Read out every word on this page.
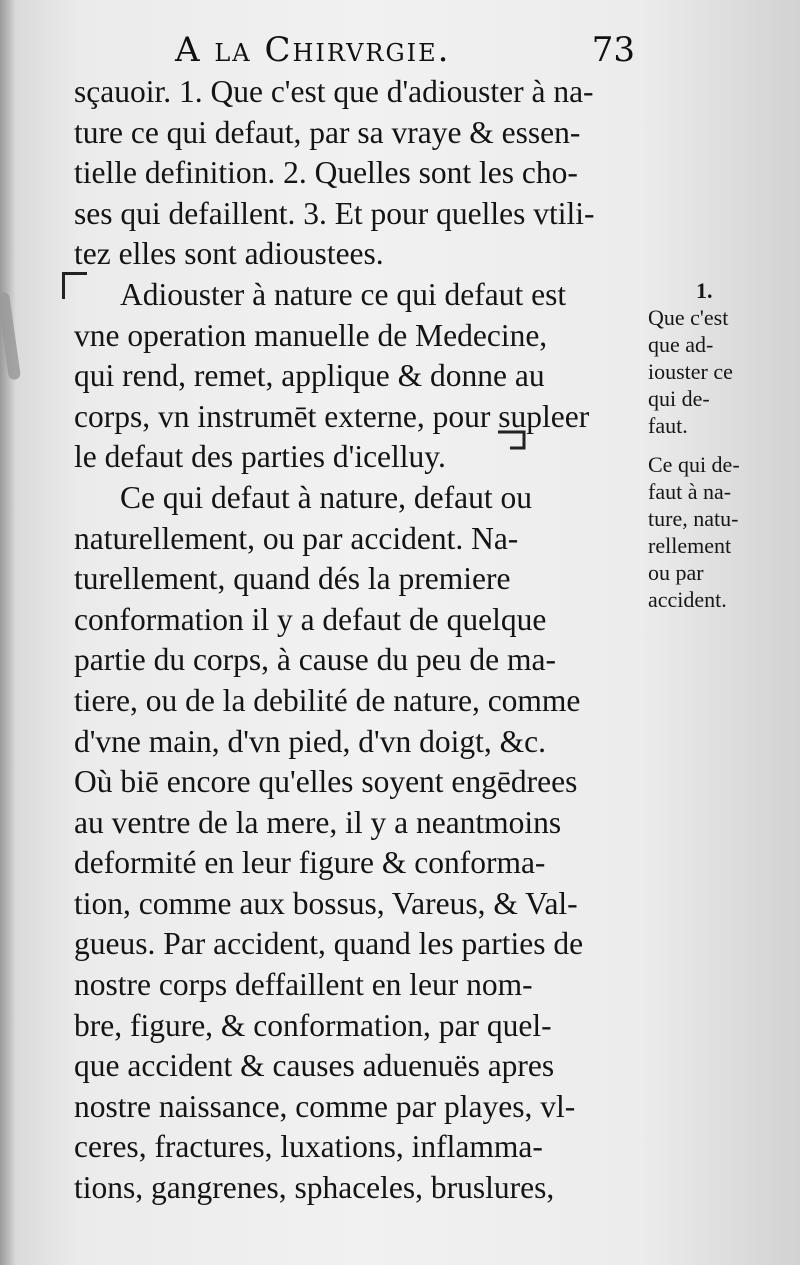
A la Chirvrgie.	73
sçauoir. 1. Que c'est que d'adiouster à na-
ture ce qui defaut, par sa vraye & essen-
tielle definition. 2. Quelles sont les cho-
ses qui defaillent. 3. Et pour quelles vtili-
tez elles sont adioustees.
Adiouster à nature ce qui defaut est
vne operation manuelle de Medecine,
qui rend, remet, applique & donne au
corps, vn instrumēt externe, pour supleer
le defaut des parties d'icelluy.
Ce qui defaut à nature, defaut ou
naturellement, ou par accident. Na-
turellement, quand dés la premiere
conformation il y a defaut de quelque
partie du corps, à cause du peu de ma-
tiere, ou de la debilité de nature, comme
d'vne main, d'vn pied, d'vn doigt, &c.
Où biē encore qu'elles soyent engēdrees
au ventre de la mere, il y a neantmoins
deformité en leur figure & conforma-
tion, comme aux bossus, Vareus, & Val-
gueus. Par accident, quand les parties de
nostre corps deffaillent en leur nom-
bre, figure, & conformation, par quel-
que accident & causes aduenuës apres
nostre naissance, comme par playes, vl-
ceres, fractures, luxations, inflamma-
tions, gangrenes, sphaceles, bruslures,
1.
Que c'est
que ad-
iouster ce
qui de-
faut.
Ce qui de-
faut à na-
ture, natu-
rellement
ou par
accident.
